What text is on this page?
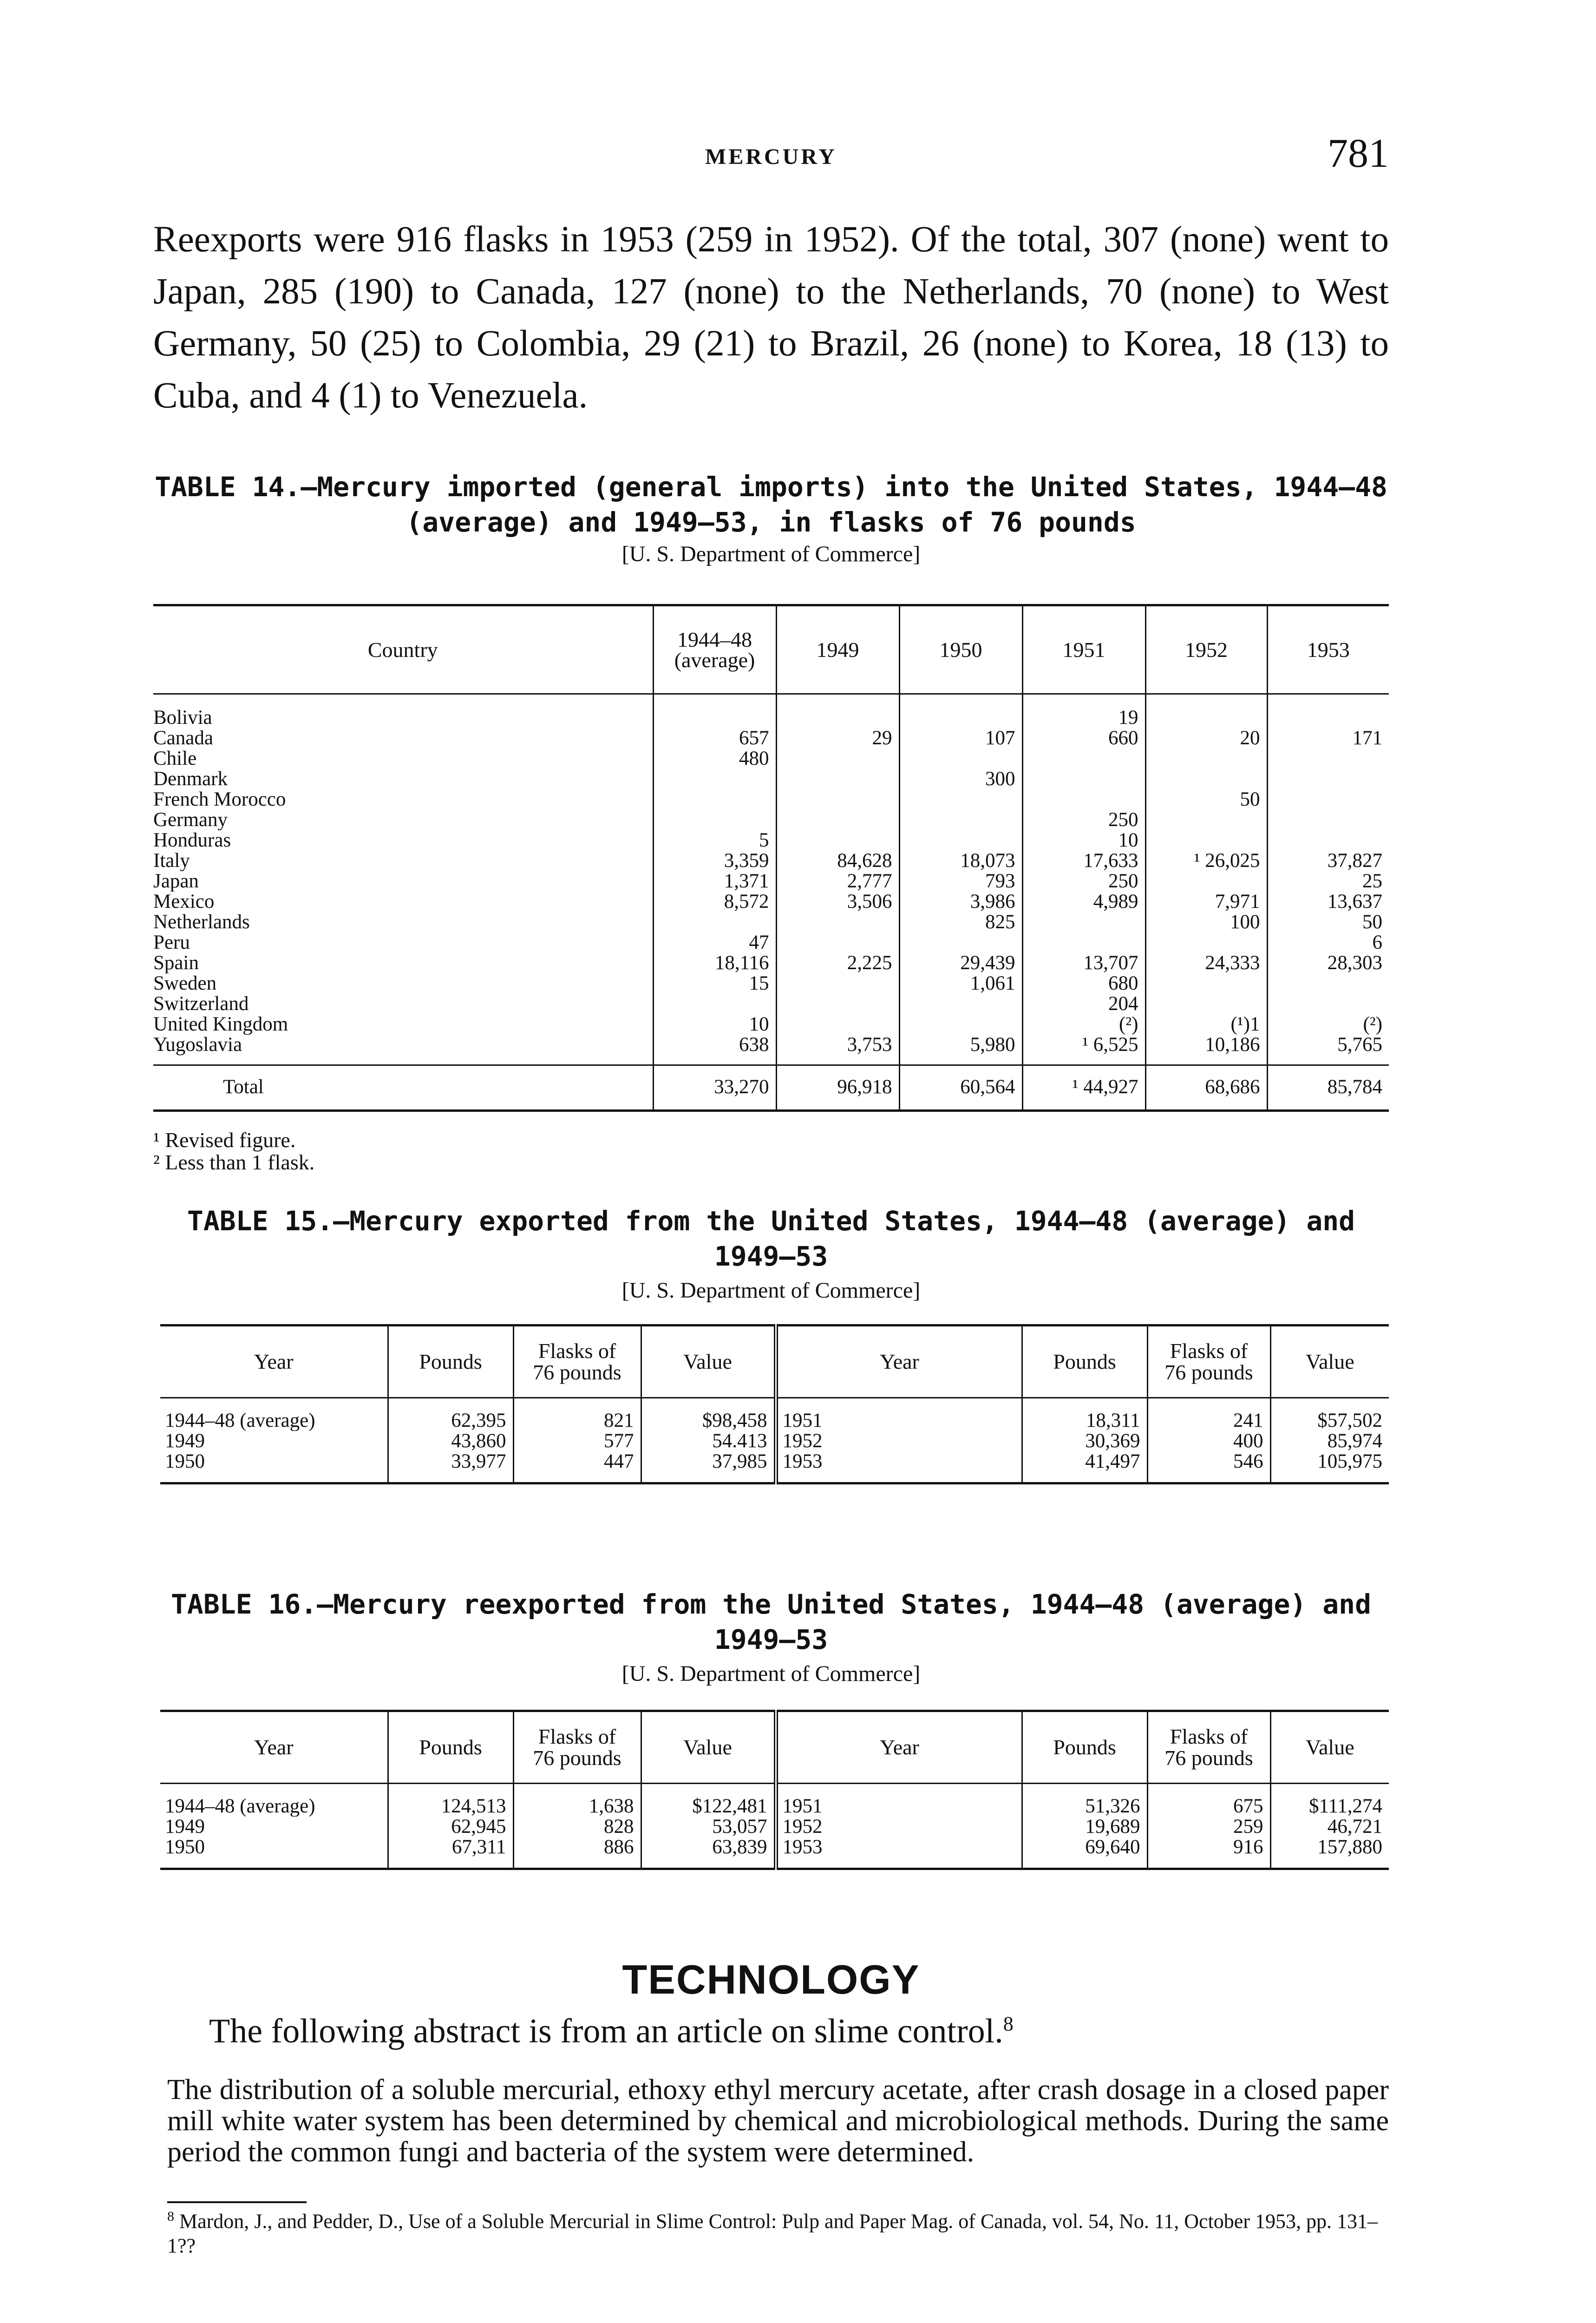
MERCURY	781

Reexports were 916 flasks in 1953 (259 in 1952). Of the total, 307 (none) went to Japan, 285 (190) to Canada, 127 (none) to the Netherlands, 70 (none) to West Germany, 50 (25) to Colombia, 29 (21) to Brazil, 26 (none) to Korea, 18 (13) to Cuba, and 4 (1) to Venezuela.

TABLE 14.—Mercury imported (general imports) into the United States, 1944–48
(average) and 1949–53, in flasks of 76 pounds
[U. S. Department of Commerce]
Country	1944–48
(average)	1949	1950	1951	1952	1953
Bolivia				19		
Canada	657	29	107	660	20	171
Chile	480					
Denmark			300			
French Morocco					50	
Germany				250		
Honduras	5			10		
Italy	3,359	84,628	18,073	17,633	¹ 26,025	37,827
Japan	1,371	2,777	793	250		25
Mexico	8,572	3,506	3,986	4,989	7,971	13,637
Netherlands			825		100	50
Peru	47					6
Spain	18,116	2,225	29,439	13,707	24,333	28,303
Sweden	15		1,061	680		
Switzerland				204		
United Kingdom	10			(²)	(¹)1	(²)
Yugoslavia	638	3,753	5,980	¹ 6,525	10,186	5,765
Total	33,270	96,918	60,564	¹ 44,927	68,686	85,784
¹ Revised figure.
² Less than 1 flask.
TABLE 15.—Mercury exported from the United States, 1944–48 (average) and
1949–53
[U. S. Department of Commerce]
Year	Pounds	Flasks of
76 pounds	Value	Year	Pounds	Flasks of
76 pounds	Value
1944–48 (average)	62,395	821	$98,458	1951	18,311	241	$57,502
1949	43,860	577	54.413	1952	30,369	400	85,974
1950	33,977	447	37,985	1953	41,497	546	105,975
TABLE 16.—Mercury reexported from the United States, 1944–48 (average) and
1949–53
[U. S. Department of Commerce]
Year	Pounds	Flasks of
76 pounds	Value	Year	Pounds	Flasks of
76 pounds	Value
1944–48 (average)	124,513	1,638	$122,481	1951	51,326	675	$111,274
1949	62,945	828	53,057	1952	19,689	259	46,721
1950	67,311	886	63,839	1953	69,640	916	157,880
TECHNOLOGY
The following abstract is from an article on slime control.$^8$

The distribution of a soluble mercurial, ethoxy ethyl mercury acetate, after crash dosage in a closed paper mill white water system has been determined by chemical and microbiological methods. During the same period the common fungi and bacteria of the system were determined.

$^8$ Mardon, J., and Pedder, D., Use of a Soluble Mercurial in Slime Control: Pulp and Paper Mag. of Canada, vol. 54, No. 11, October 1953, pp. 131–1??
